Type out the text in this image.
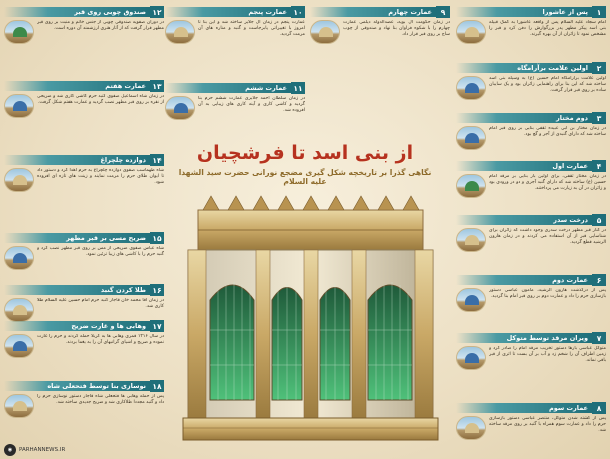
از بنی اسد تا فرشچیان
نگاهی گذرا بر تاریخچه شکل گیری مضجع نورانی حضرت سید الشهدا علیه السلام
۱
پس از عاشورا
امام سجاد علیه السلام پس از واقعه عاشورا به کمک قبیله بنی اسد پیکر مطهر پدر بزرگوارش را دفن کرد و قبر را مشخص نمود تا زائران از آن بهره گیرند.
۲
اولین علامت برآرامگاه
اولین علامت برآرامگاه امام حسین (ع) به وسیله بنی اسد ساخته شد که این بنا برای راهنمایی زائران بود و یک سایبان ساده بر روی قبر قرار گرفت.
۳
دوم مختار
در زمان مختار بن ابی عبیده ثقفی بنایی بر روی قبر امام ساخته شد که دارای گنبدی از آجر و گچ بود.
۴
عمارت اول
در زمان مختار ثقفی، برای اولین بار بنایی بر مرقد امام حسین (ع) ساخته شد که دارای گنبد آجری و دو در ورودی بود و زائران در آن به زیارت می پرداختند.
۵
درخت سدر
در کنار قبر مطهر درخت سدری وجود داشت که زائران برای شناسایی قبر از آن استفاده می کردند و در زمان هارون الرشید قطع گردید.
۶
عمارت دوم
پس از درگذشت هارون الرشید، مامون عباسی دستور بازسازی حرم را داد و عمارت دوم بر روی قبر امام بنا گردید.
۷
ویران مرقد توسط متوکل
متوکل عباسی بارها دستور تخریب مرقد امام را صادر کرد و زمین اطراف آن را شخم زد و آب بر آن بست تا اثری از قبر باقی نماند.
۸
عمارت سوم
پس از کشته شدن متوکل، منتصر عباسی دستور بازسازی حرم را داد و عمارت سوم همراه با گنبد بر روی مرقد ساخته شد.
۹
عمارت چهارم
در زمان حکومت آل بویه، عضدالدوله دیلمی عمارت چهارم را با شکوه فراوان بنا نهاد و صندوقی از چوب ساج بر روی قبر قرار داد.
۱۰
عمارت پنجم
عمارت پنجم در زمان آل جلایر ساخته شد و این بنا تا امروز با تغییراتی پابرجاست و گنبد و مناره های آن مرمت گردید.
۱۱
عمارت ششم
در زمان سلطان احمد جلایری عمارت ششم حرم بنا گردید و کاشی کاری و آینه کاری های زیبایی به آن افزوده شد.
۱۲
صندوق چوبی روی قبر
در دوران صفویه صندوقی چوبی از جنس خاتم و منبت بر روی قبر مطهر قرار گرفت که از آثار هنری ارزشمند آن دوره است.
۱۳
عمارت هفتم
در زمان شاه اسماعیل صفوی گنبد حرم کاشی کاری شد و ضریحی از نقره بر روی قبر مطهر نصب گردید و عمارت هفتم شکل گرفت.
۱۴
دوازده چلچراغ
شاه طهماسب صفوی دوازده چلچراغ به حرم اهدا کرد و دستور داد تا ایوان طلای حرم را مرمت نمایند و زینت های تازه ای افزوده شود.
۱۵
ضریح مسی بر قبر مطهر
شاه عباس صفوی ضریحی از مس بر روی قبر مطهر نصب کرد و گنبد حرم را با کاشی های زیبا تزئین نمود.
۱۶
طلا کردن گنبد
در زمان آقا محمد خان قاجار گنبد حرم امام حسین علیه السلام طلا کاری شد.
۱۷
وهابی ها و غارت ضریح
در سال ۱۲۱۶ قمری وهابی ها به کربلا حمله کردند و حرم را غارت نموده و ضریح و اشیای گرانبهای آن را به یغما بردند.
۱۸
نوسازی بنا توسط فتحعلی شاه
پس از حمله وهابی ها فتحعلی شاه قاجار دستور نوسازی حرم را داد و گنبد مجددا طلاکاری شد و ضریح جدیدی ساخته شد.
◉	PARHANNEWS.IR
